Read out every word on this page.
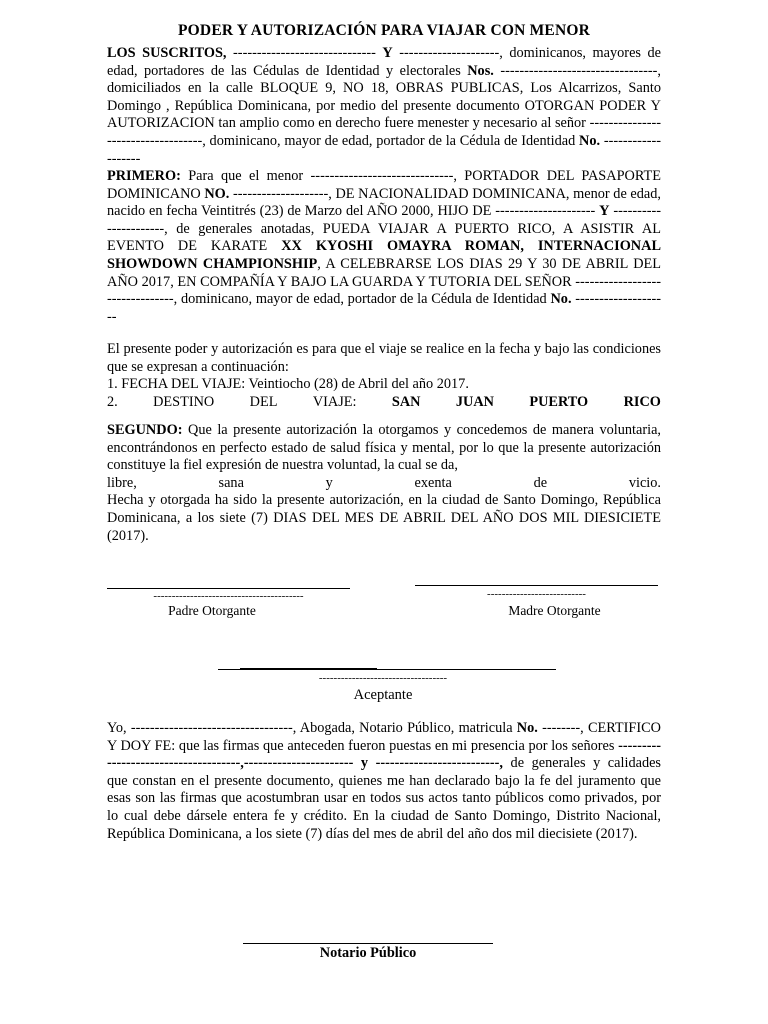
PODER Y AUTORIZACIÓN PARA VIAJAR CON MENOR
LOS SUSCRITOS, ------------------------------ Y ---------------------, dominicanos, mayores de edad, portadores de las Cédulas de Identidad y electorales Nos. ---------------------------------, domiciliados en la calle BLOQUE 9, NO 18, OBRAS PUBLICAS, Los Alcarrizos, Santo Domingo , República Dominicana, por medio del presente documento OTORGAN PODER Y AUTORIZACION tan amplio como en derecho fuere menester y necesario al señor -----------------------------------, dominicano, mayor de edad, portador de la Cédula de Identidad No. -------------------
PRIMERO: Para que el menor ------------------------------, PORTADOR DEL PASAPORTE DOMINICANO NO. --------------------, DE NACIONALIDAD DOMINICANA, menor de edad, nacido en fecha Veintitrés (23) de Marzo del AÑO 2000, HIJO DE --------------------- Y ----------------------, de generales anotadas, PUEDA VIAJAR A PUERTO RICO, A ASISTIR AL EVENTO DE KARATE XX KYOSHI OMAYRA ROMAN, INTERNACIONAL SHOWDOWN CHAMPIONSHIP, A CELEBRARSE LOS DIAS 29 Y 30 DE ABRIL DEL AÑO 2017, EN COMPAÑÍA Y BAJO LA GUARDA Y TUTORIA DEL SEÑOR --------------------------------, dominicano, mayor de edad, portador de la Cédula de Identidad No. --------------------
El presente poder y autorización es para que el viaje se realice en la fecha y bajo las condiciones que se expresan a continuación:
1. FECHA DEL VIAJE: Veintiocho (28) de Abril del año 2017.
2. DESTINO DEL VIAJE: SAN JUAN PUERTO RICO
SEGUNDO: Que la presente autorización la otorgamos y concedemos de manera voluntaria, encontrándonos en perfecto estado de salud física y mental, por lo que la presente autorización constituye la fiel expresión de nuestra voluntad, la cual se da,
libre,	sana	y	exenta	de	vicio.
Hecha y otorgada ha sido la presente autorización, en la ciudad de Santo Domingo, República Dominicana, a los siete (7) DIAS DEL MES DE ABRIL DEL AÑO DOS MIL DIESICIETE (2017).
-----------------------------------------
Padre Otorgante
---------------------------
Madre Otorgante
-----------------------------------
Aceptante
Yo, ----------------------------------, Abogada, Notario Público, matricula No. --------, CERTIFICO Y DOY FE: que las firmas que anteceden fueron puestas en mi presencia por los señores -------------------------------------,----------------------- y --------------------------, de generales y calidades que constan en el presente documento, quienes me han declarado bajo la fe del juramento que esas son las firmas que acostumbran usar en todos sus actos tanto públicos como privados, por lo cual debe dársele entera fe y crédito. En la ciudad de Santo Domingo, Distrito Nacional, República Dominicana, a los siete (7) días del mes de abril del año dos mil diecisiete (2017).
Notario Público
